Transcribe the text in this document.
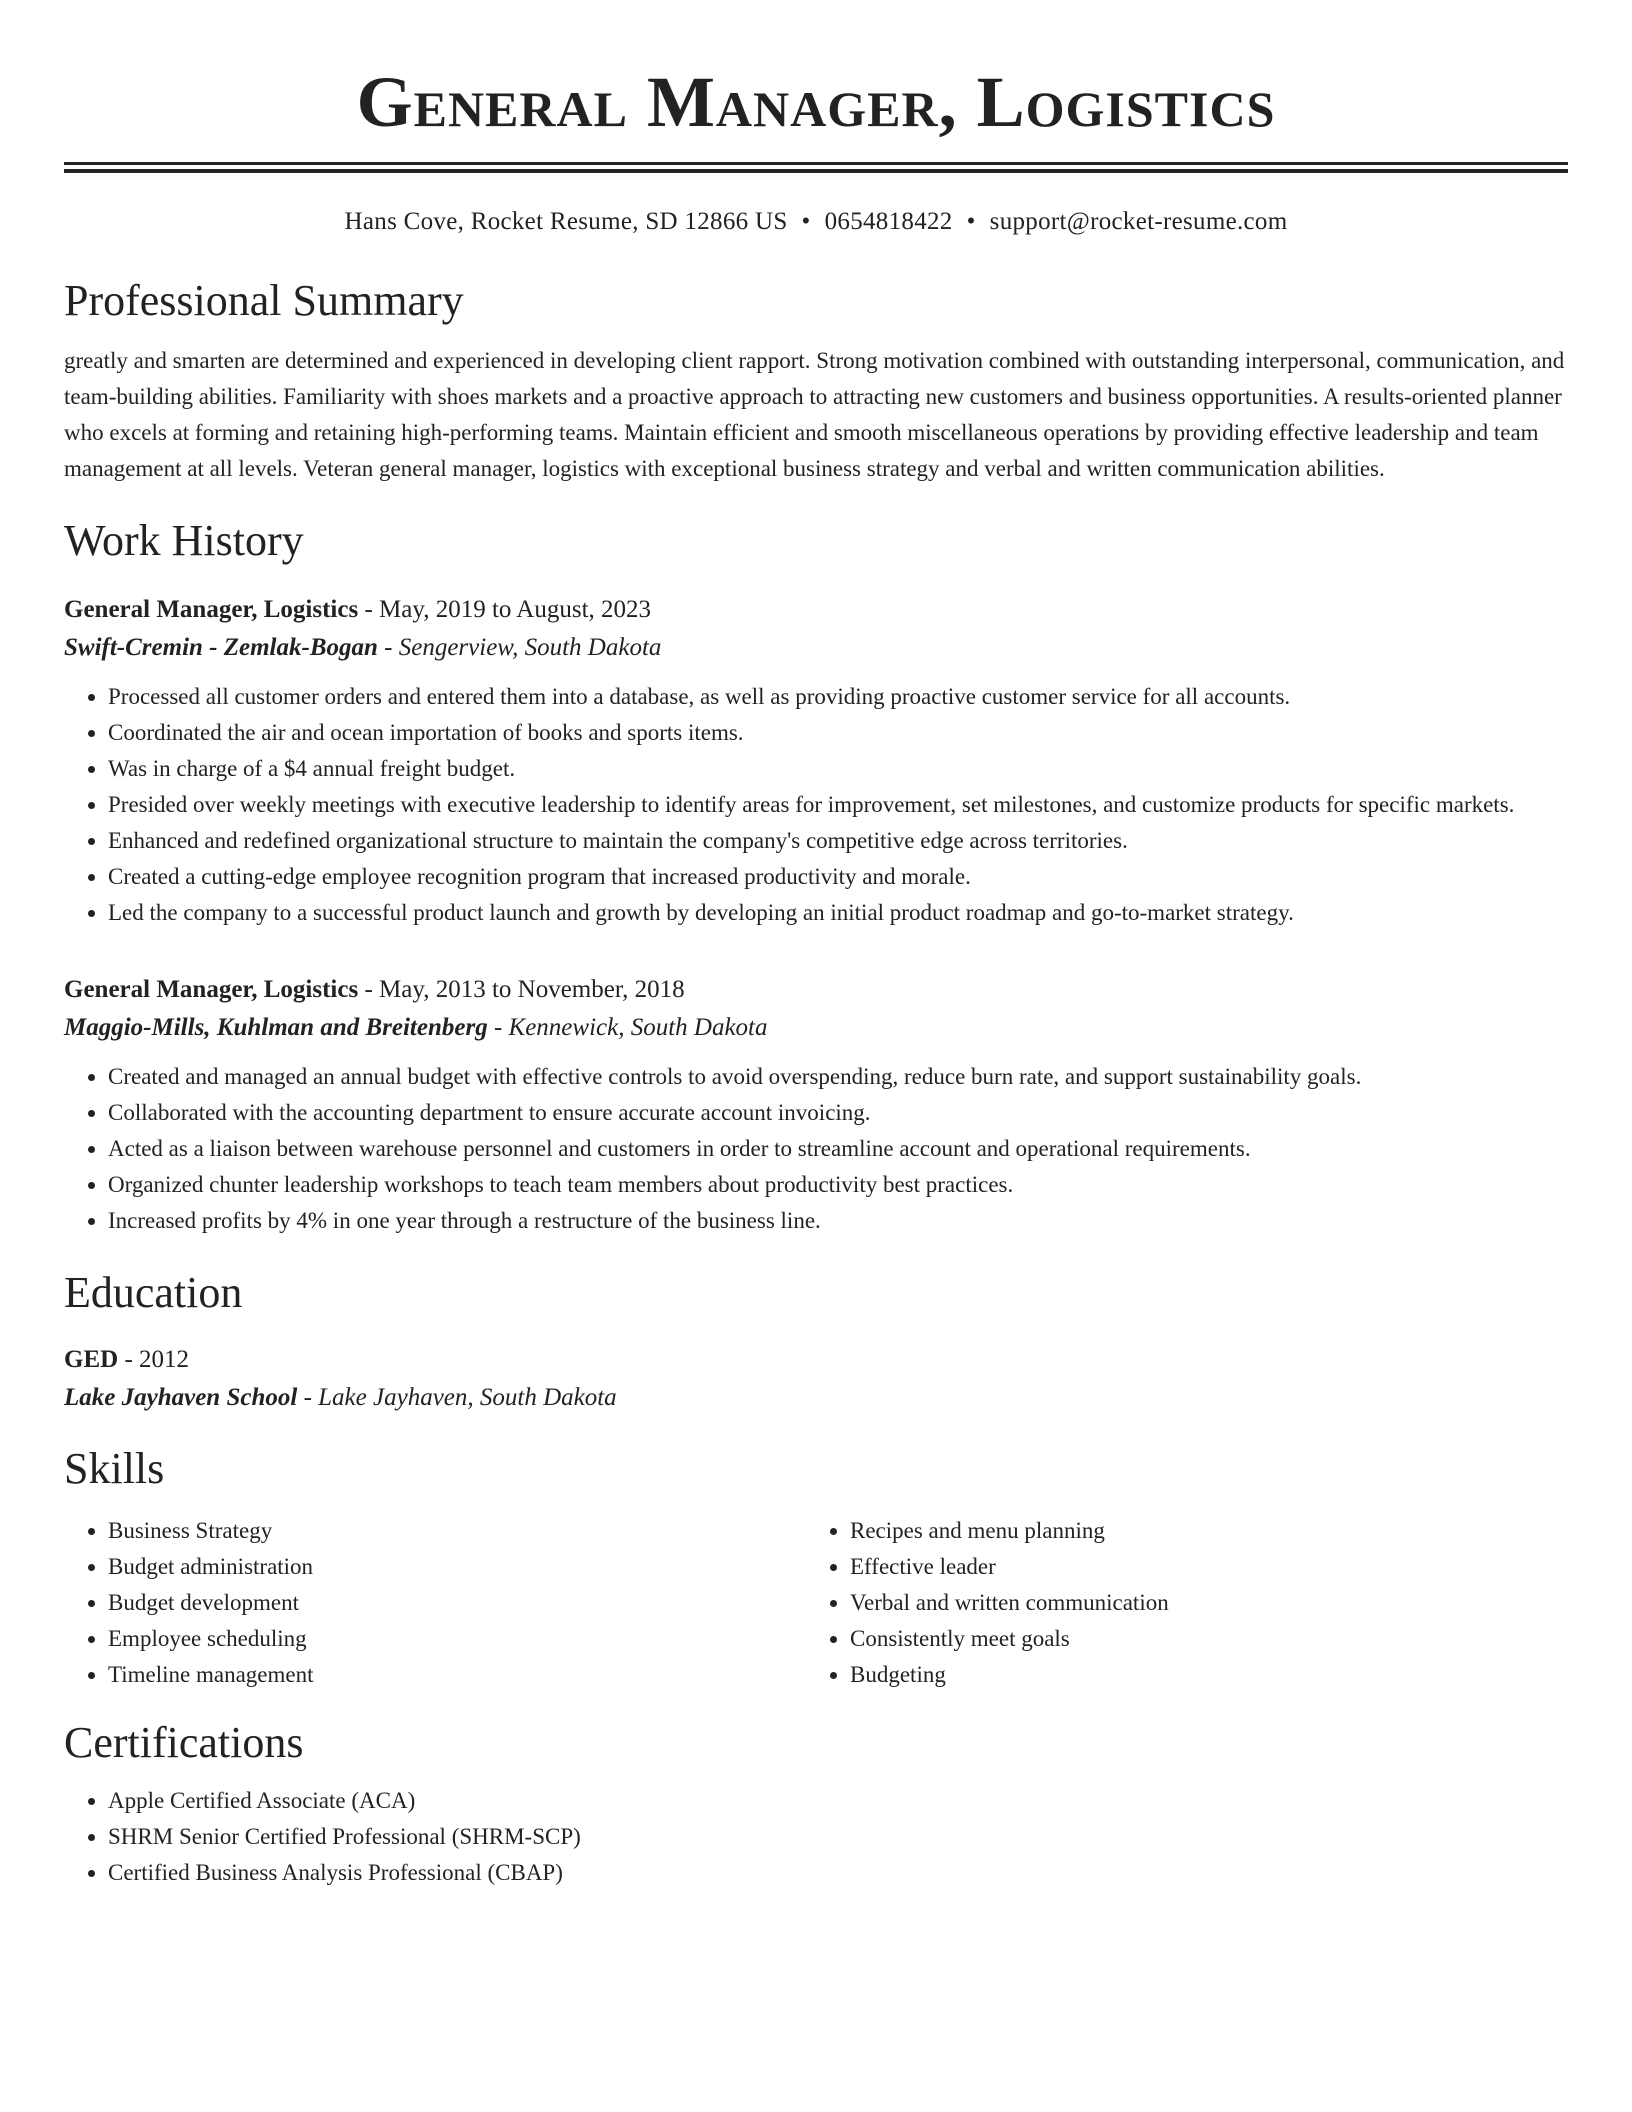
General Manager, Logistics
Hans Cove, Rocket Resume, SD 12866 US • 0654818422 • support@rocket-resume.com
Professional Summary
greatly and smarten are determined and experienced in developing client rapport. Strong motivation combined with outstanding interpersonal, communication, and team-building abilities. Familiarity with shoes markets and a proactive approach to attracting new customers and business opportunities. A results-oriented planner who excels at forming and retaining high-performing teams. Maintain efficient and smooth miscellaneous operations by providing effective leadership and team management at all levels. Veteran general manager, logistics with exceptional business strategy and verbal and written communication abilities.
Work History
General Manager, Logistics - May, 2019 to August, 2023
Swift-Cremin - Zemlak-Bogan - Sengerview, South Dakota
• Processed all customer orders and entered them into a database, as well as providing proactive customer service for all accounts.
• Coordinated the air and ocean importation of books and sports items.
• Was in charge of a $4 annual freight budget.
• Presided over weekly meetings with executive leadership to identify areas for improvement, set milestones, and customize products for specific markets.
• Enhanced and redefined organizational structure to maintain the company's competitive edge across territories.
• Created a cutting-edge employee recognition program that increased productivity and morale.
• Led the company to a successful product launch and growth by developing an initial product roadmap and go-to-market strategy.
General Manager, Logistics - May, 2013 to November, 2018
Maggio-Mills, Kuhlman and Breitenberg - Kennewick, South Dakota
• Created and managed an annual budget with effective controls to avoid overspending, reduce burn rate, and support sustainability goals.
• Collaborated with the accounting department to ensure accurate account invoicing.
• Acted as a liaison between warehouse personnel and customers in order to streamline account and operational requirements.
• Organized chunter leadership workshops to teach team members about productivity best practices.
• Increased profits by 4% in one year through a restructure of the business line.
Education
GED - 2012
Lake Jayhaven School - Lake Jayhaven, South Dakota
Skills
• Business Strategy
• Budget administration
• Budget development
• Employee scheduling
• Timeline management
• Recipes and menu planning
• Effective leader
• Verbal and written communication
• Consistently meet goals
• Budgeting
Certifications
• Apple Certified Associate (ACA)
• SHRM Senior Certified Professional (SHRM-SCP)
• Certified Business Analysis Professional (CBAP)
